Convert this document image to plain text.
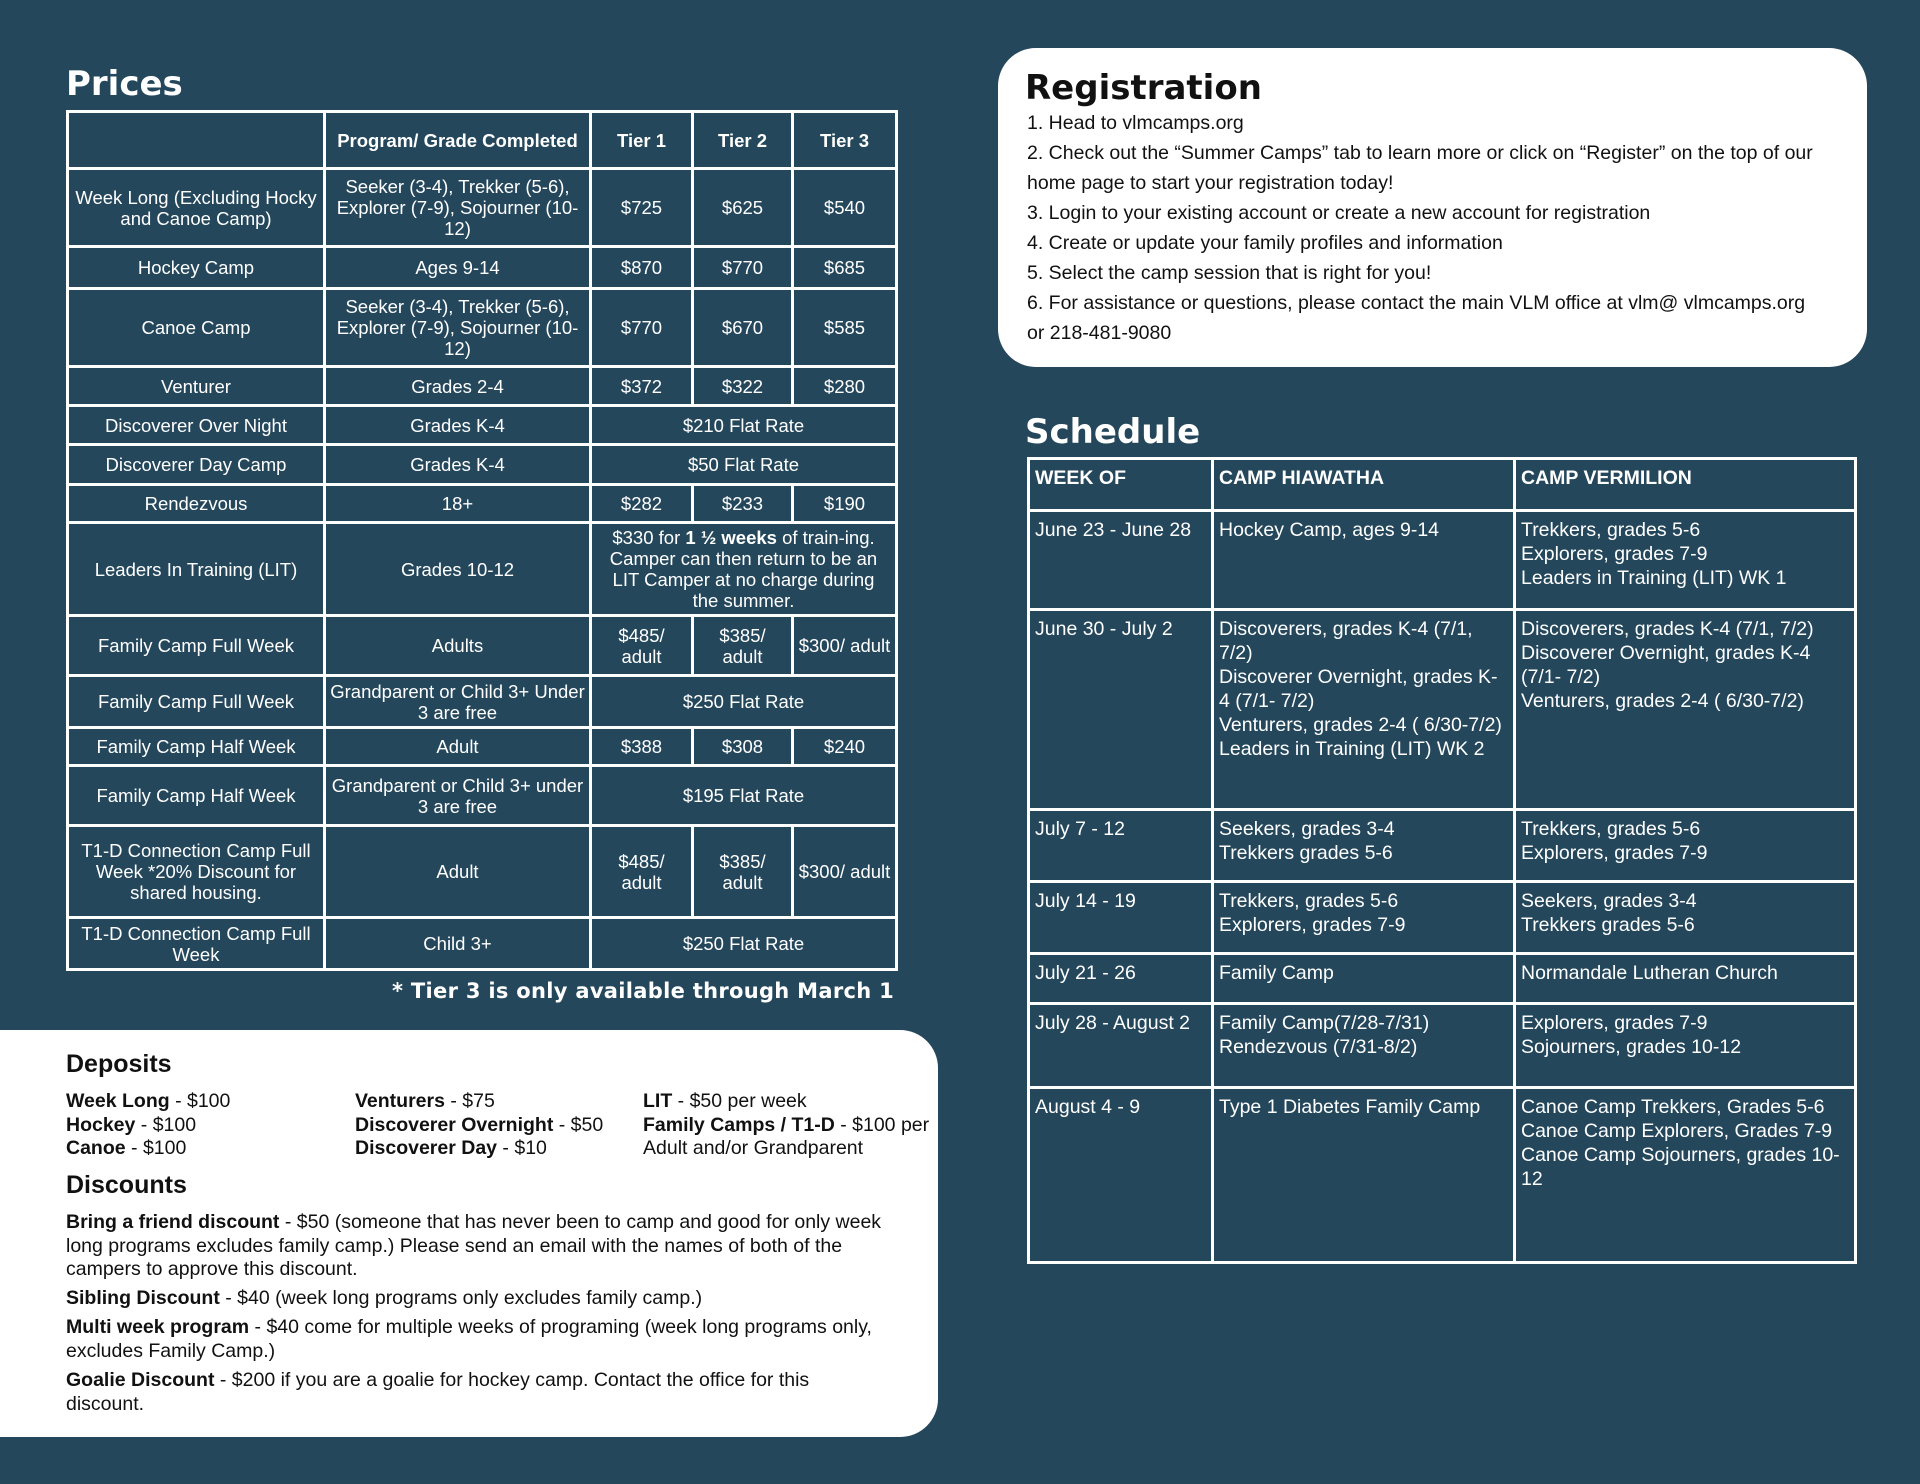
Prices
	Program/ Grade Completed	Tier 1	Tier 2	Tier 3
Week Long (Excluding Hocky and Canoe Camp)	Seeker (3-4), Trekker (5-6), Explorer (7-9), Sojourner (10-12)	$725	$625	$540
Hockey Camp	Ages 9-14	$870	$770	$685
Canoe Camp	Seeker (3-4), Trekker (5-6), Explorer (7-9), Sojourner (10-12)	$770	$670	$585
Venturer	Grades 2-4	$372	$322	$280
Discoverer Over Night	Grades K-4	$210 Flat Rate		
Discoverer Day Camp	Grades K-4	$50 Flat Rate		
Rendezvous	18+	$282	$233	$190
Leaders In Training (LIT)	Grades 10-12	$330 for 1 ½ weeks of train-ing. Camper can then return to be an LIT Camper at no charge during the summer.		
Family Camp Full Week	Adults	$485/ adult	$385/ adult	$300/ adult
Family Camp Full Week	Grandparent or Child 3+ Under 3 are free	$250 Flat Rate		
Family Camp Half Week	Adult	$388	$308	$240
Family Camp Half Week	Grandparent or Child 3+ under 3 are free	$195 Flat Rate		
T1-D Connection Camp Full Week *20% Discount for shared housing.	Adult	$485/ adult	$385/ adult	$300/ adult
T1-D Connection Camp Full Week	Child 3+	$250 Flat Rate		
* Tier 3 is only available through March 1
Deposits
Week Long - $100
Hockey - $100
Canoe - $100
Venturers - $75
Discoverer Overnight - $50
Discoverer Day - $10
LIT - $50 per week
Family Camps / T1-D - $100 per Adult and/or Grandparent
Discounts
Bring a friend discount - $50 (someone that has never been to camp and good for only week long programs excludes family camp.) Please send an email with the names of both of the campers to approve this discount.
Sibling Discount - $40 (week long programs only excludes family camp.)
Multi week program - $40 come for multiple weeks of programing (week long programs only, excludes Family Camp.)
Goalie Discount - $200 if you are a goalie for hockey camp. Contact the office for this discount.
Registration
1. Head to vlmcamps.org
2. Check out the “Summer Camps” tab to learn more or click on “Register” on the top of our home page to start your registration today!
3. Login to your existing account or create a new account for registration
4. Create or update your family profiles and information
5. Select the camp session that is right for you!
6. For assistance or questions, please contact the main VLM office at vlm@ vlmcamps.org or 218-481-9080
Schedule
WEEK OF	CAMP HIAWATHA	CAMP VERMILION
June 23 - June 28	Hockey Camp, ages 9-14	Trekkers, grades 5-6
Explorers, grades 7-9
Leaders in Training (LIT) WK 1

June 30 - July 2	Discoverers, grades K-4 (7/1, 7/2)
Discoverer Overnight, grades K-4 (7/1- 7/2)
Venturers, grades 2-4 ( 6/30-7/2)
Leaders in Training (LIT) WK 2	Discoverers, grades K-4 (7/1, 7/2)
Discoverer Overnight, grades K-4 (7/1- 7/2)
Venturers, grades 2-4 ( 6/30-7/2)

July 7 - 12	Seekers, grades 3-4
Trekkers grades 5-6	Trekkers, grades 5-6
Explorers, grades 7-9

July 14 - 19	Trekkers, grades 5-6
Explorers, grades 7-9	Seekers, grades 3-4
Trekkers grades 5-6

July 21 - 26	Family Camp	Normandale Lutheran Church

July 28 - August 2	Family Camp(7/28-7/31)
Rendezvous (7/31-8/2)	Explorers, grades 7-9
Sojourners, grades 10-12

August 4 - 9	Type 1 Diabetes Family Camp	Canoe Camp Trekkers, Grades 5-6
Canoe Camp Explorers, Grades 7-9
Canoe Camp Sojourners, grades 10-12
